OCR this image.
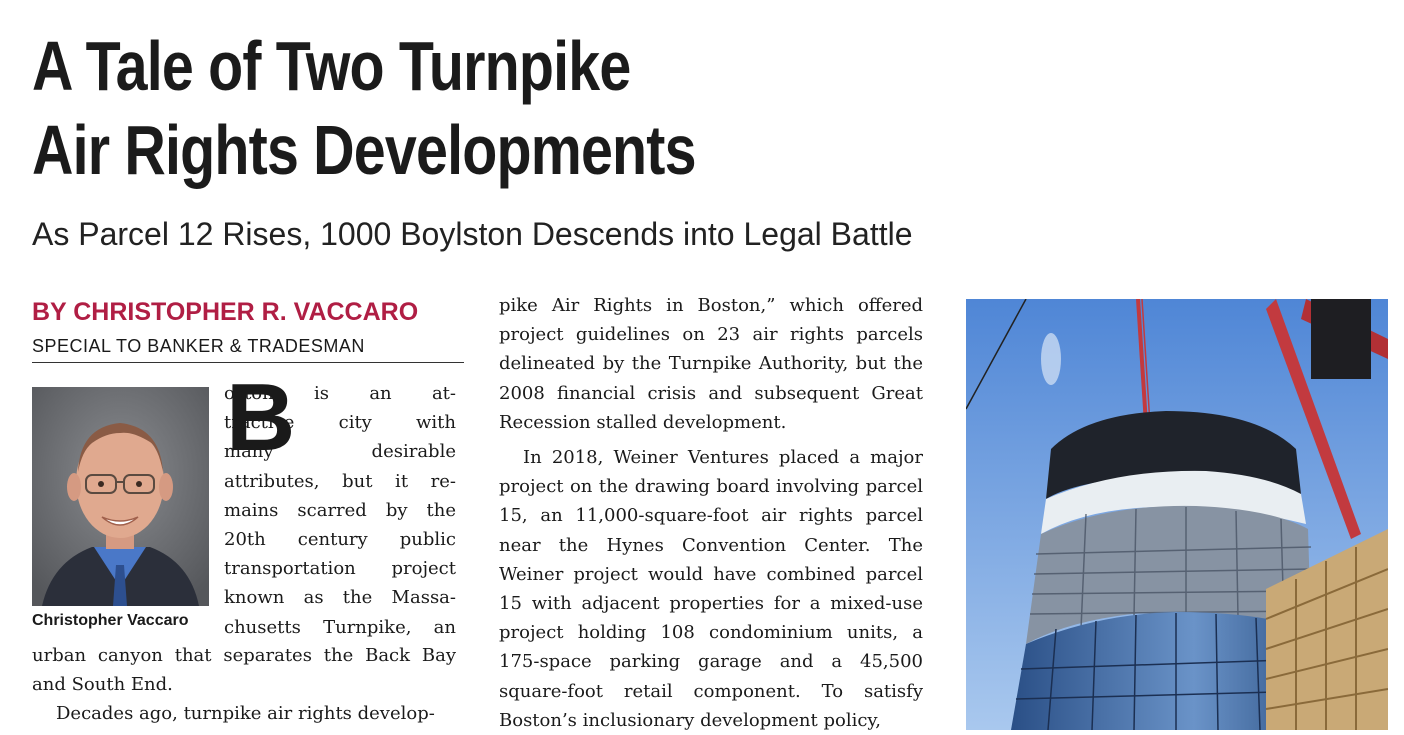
A Tale of Two Turnpike
Air Rights Developments
As Parcel 12 Rises, 1000 Boylston Descends into Legal Battle
BY CHRISTOPHER R. VACCARO
SPECIAL TO BANKER & TRADESMAN
Christopher Vaccaro
B

oston is an at-

tractive city with

many desirable

attributes, but it re-

mains scarred by the

20th century public

transportation project

known as the Massa-

chusetts Turnpike, an

urban canyon that separates the Back Bay and South End.

Decades ago, turnpike air rights develop-

pike Air Rights in Boston,” which offered project guidelines on 23 air rights parcels delineated by the Turnpike Authority, but the 2008 financial crisis and subsequent Great Recession stalled development.

In 2018, Weiner Ventures placed a major project on the drawing board involving parcel 15, an 11,000-square-foot air rights parcel near the Hynes Convention Center. The Weiner project would have combined parcel 15 with adjacent properties for a mixed-use project holding 108 condominium units, a 175-space parking garage and a 45,500 square-foot retail component. To satisfy Boston’s inclusionary development policy,
